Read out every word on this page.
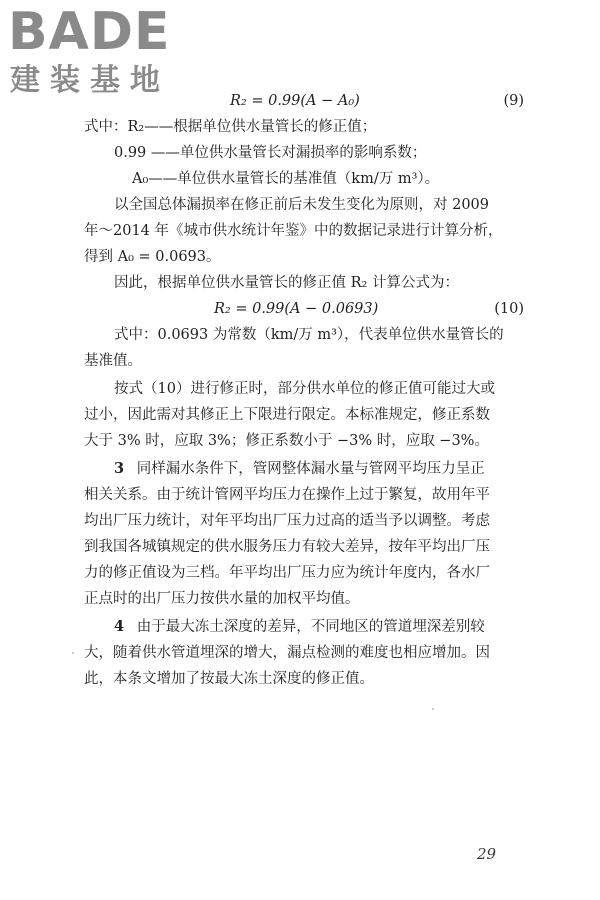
BADE
建装基地
R₂ = 0.99(A − A₀)	(9)
式中：R₂——根据单位供水量管长的修正值；
0.99 ——单位供水量管长对漏损率的影响系数；
A₀——单位供水量管长的基准值（km/万 m³）。
以全国总体漏损率在修正前后未发生变化为原则，对 2009
年～2014 年《城市供水统计年鉴》中的数据记录进行计算分析，
得到 A₀ = 0.0693。
因此，根据单位供水量管长的修正值 R₂ 计算公式为：
R₂ = 0.99(A − 0.0693)	(10)
式中：0.0693 为常数（km/万 m³），代表单位供水量管长的
基准值。
按式（10）进行修正时，部分供水单位的修正值可能过大或
过小，因此需对其修正上下限进行限定。本标准规定，修正系数
大于 3% 时，应取 3%；修正系数小于 −3% 时，应取 −3%。
3 同样漏水条件下，管网整体漏水量与管网平均压力呈正
相关关系。由于统计管网平均压力在操作上过于繁复，故用年平
均出厂压力统计，对年平均出厂压力过高的适当予以调整。考虑
到我国各城镇规定的供水服务压力有较大差异，按年平均出厂压
力的修正值设为三档。年平均出厂压力应为统计年度内，各水厂
正点时的出厂压力按供水量的加权平均值。
4 由于最大冻土深度的差异，不同地区的管道埋深差别较
大，随着供水管道埋深的增大，漏点检测的难度也相应增加。因
此，本条文增加了按最大冻土深度的修正值。
29
